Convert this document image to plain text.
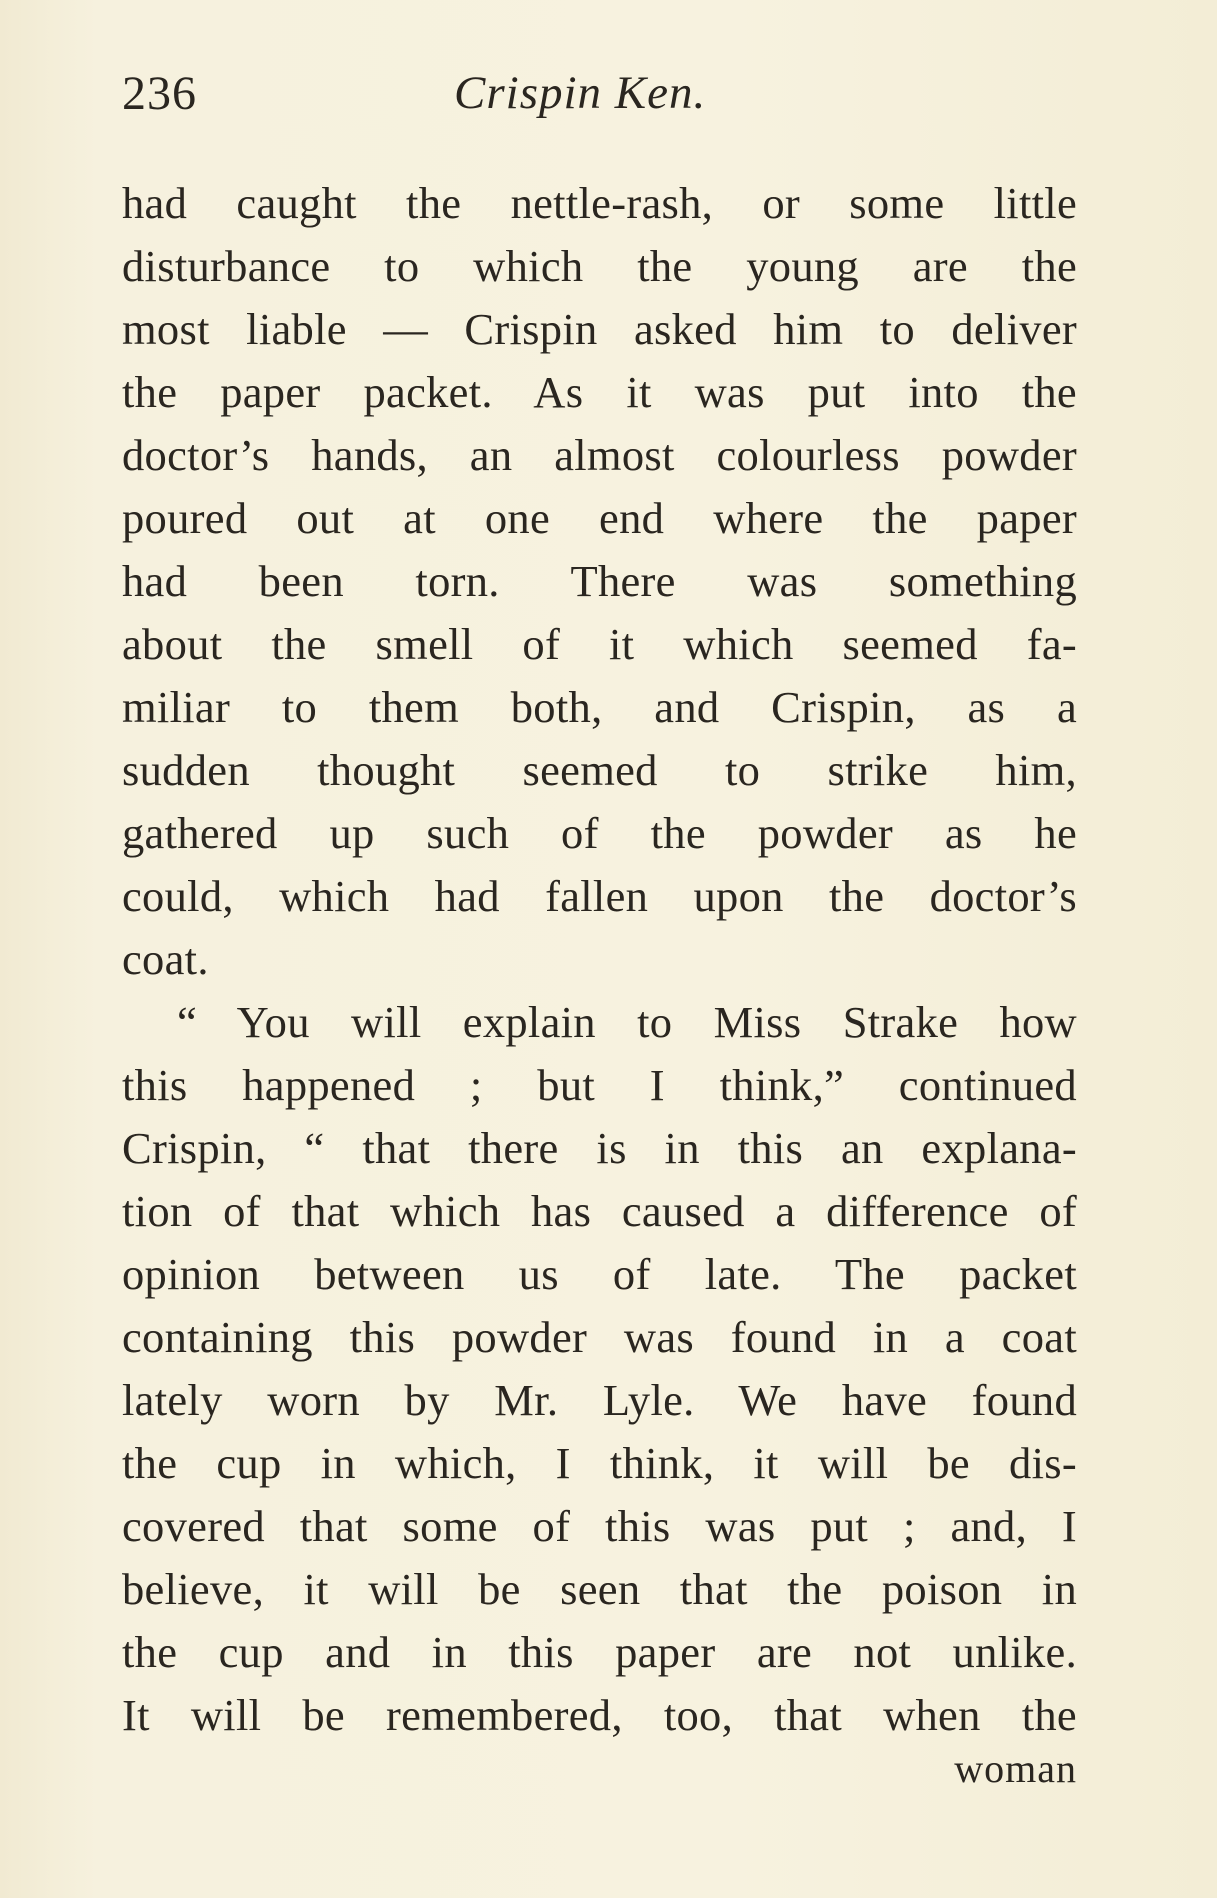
236	Crispin Ken.
had caught the nettle-rash, or some little
disturbance to which the young are the
most liable — Crispin asked him to deliver
the paper packet. As it was put into the
doctor’s hands, an almost colourless powder
poured out at one end where the paper
had been torn. There was something
about the smell of it which seemed fa-
miliar to them both, and Crispin, as a
sudden thought seemed to strike him,
gathered up such of the powder as he
could, which had fallen upon the doctor’s
coat.
“ You will explain to Miss Strake how
this happened ; but I think,” continued
Crispin, “ that there is in this an explana-
tion of that which has caused a difference of
opinion between us of late. The packet
containing this powder was found in a coat
lately worn by Mr. Lyle. We have found
the cup in which, I think, it will be dis-
covered that some of this was put ; and, I
believe, it will be seen that the poison in
the cup and in this paper are not unlike.
It will be remembered, too, that when the
woman
